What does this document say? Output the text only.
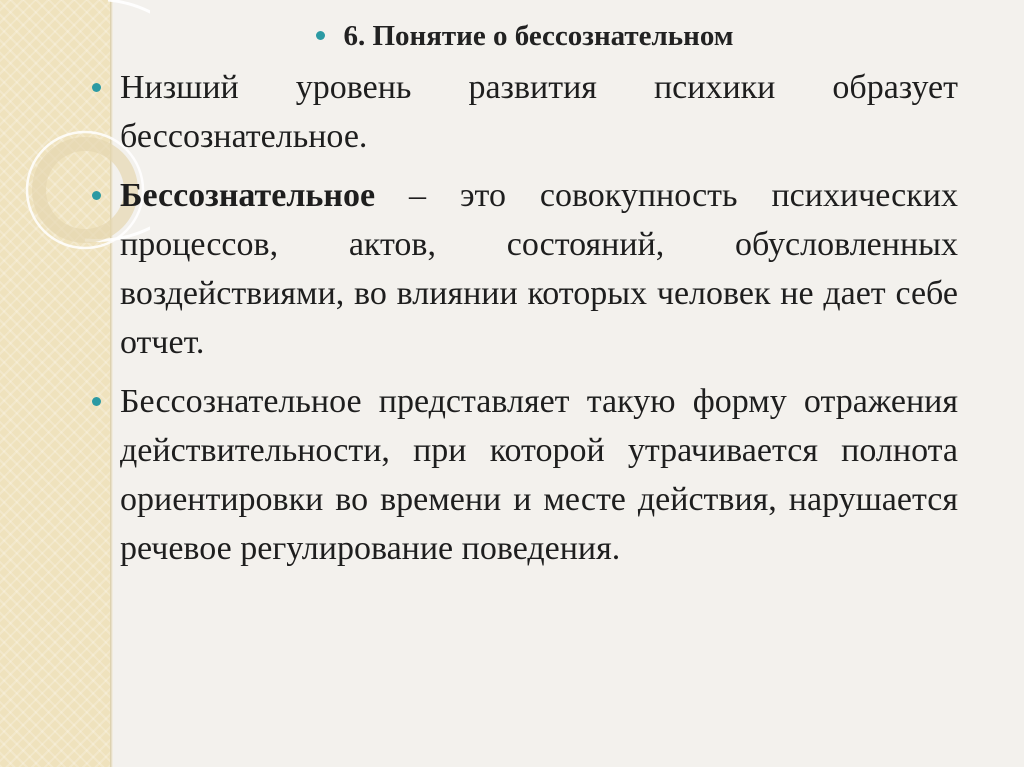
6. Понятие о бессознательном
Низший уровень развития психики образует бессознательное.
Бессознательное – это совокупность психических процессов, актов, состояний, обусловленных воздействиями, во влиянии которых человек не дает себе отчет.
Бессознательное представляет такую форму отражения действительности, при которой утрачивается полнота ориентировки во времени и месте действия, нарушается речевое регулирование поведения.
